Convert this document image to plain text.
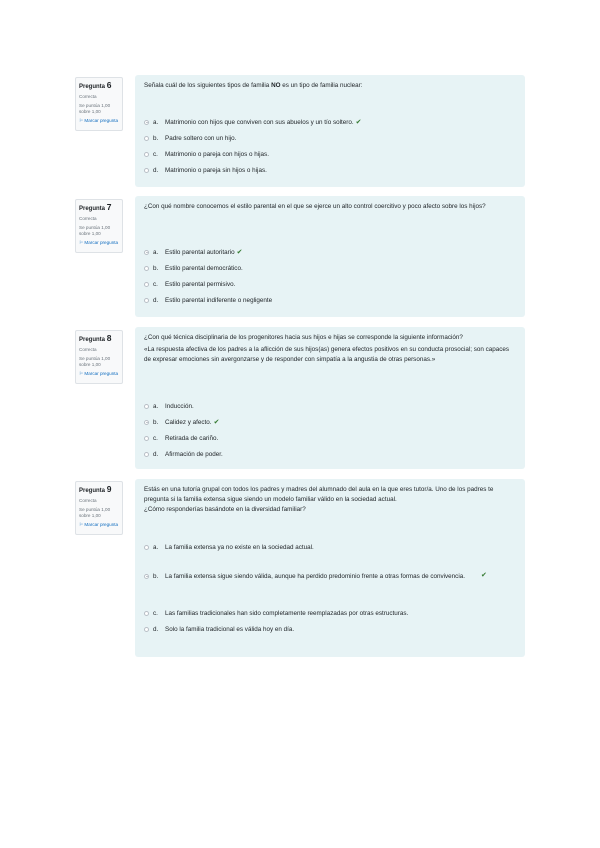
Pregunta 6
Correcta
Se puntúa 1,00 sobre 1,00
⚐ Marcar pregunta
Señala cuál de los siguientes tipos de familia NO es un tipo de familia nuclear:
a.	Matrimonio con hijos que conviven con sus abuelos y un tío soltero. ✔
b.	Padre soltero con un hijo.
c.	Matrimonio o pareja con hijos o hijas.
d.	Matrimonio o pareja sin hijos o hijas.
Pregunta 7
Correcta
Se puntúa 1,00 sobre 1,00
⚐ Marcar pregunta
¿Con qué nombre conocemos el estilo parental en el que se ejerce un alto control coercitivo y poco afecto sobre los hijos?
a.	Estilo parental autoritario ✔
b.	Estilo parental democrático.
c.	Estilo parental permisivo.
d.	Estilo parental indiferente o negligente
Pregunta 8
Correcta
Se puntúa 1,00 sobre 1,00
⚐ Marcar pregunta
¿Con qué técnica disciplinaria de los progenitores hacia sus hijos e hijas se corresponde la siguiente información?
«La respuesta afectiva de los padres a la aflicción de sus hijos(as) genera efectos positivos en su conducta prosocial; son capaces de expresar emociones sin avergonzarse y de responder con simpatía a la angustia de otras personas.»
a.	Inducción.
b.	Calidez y afecto. ✔
c.	Retirada de cariño.
d.	Afirmación de poder.
Pregunta 9
Correcta
Se puntúa 1,00 sobre 1,00
⚐ Marcar pregunta
Estás en una tutoría grupal con todos los padres y madres del alumnado del aula en la que eres tutor/a. Uno de los padres te pregunta si la familia extensa sigue siendo un modelo familiar válido en la sociedad actual.
¿Cómo responderías basándote en la diversidad familiar?
a.	La familia extensa ya no existe en la sociedad actual.
b.	La familia extensa sigue siendo válida, aunque ha perdido predominio frente a otras formas de convivencia.	✔
c.	Las familias tradicionales han sido completamente reemplazadas por otras estructuras.
d.	Solo la familia tradicional es válida hoy en día.
